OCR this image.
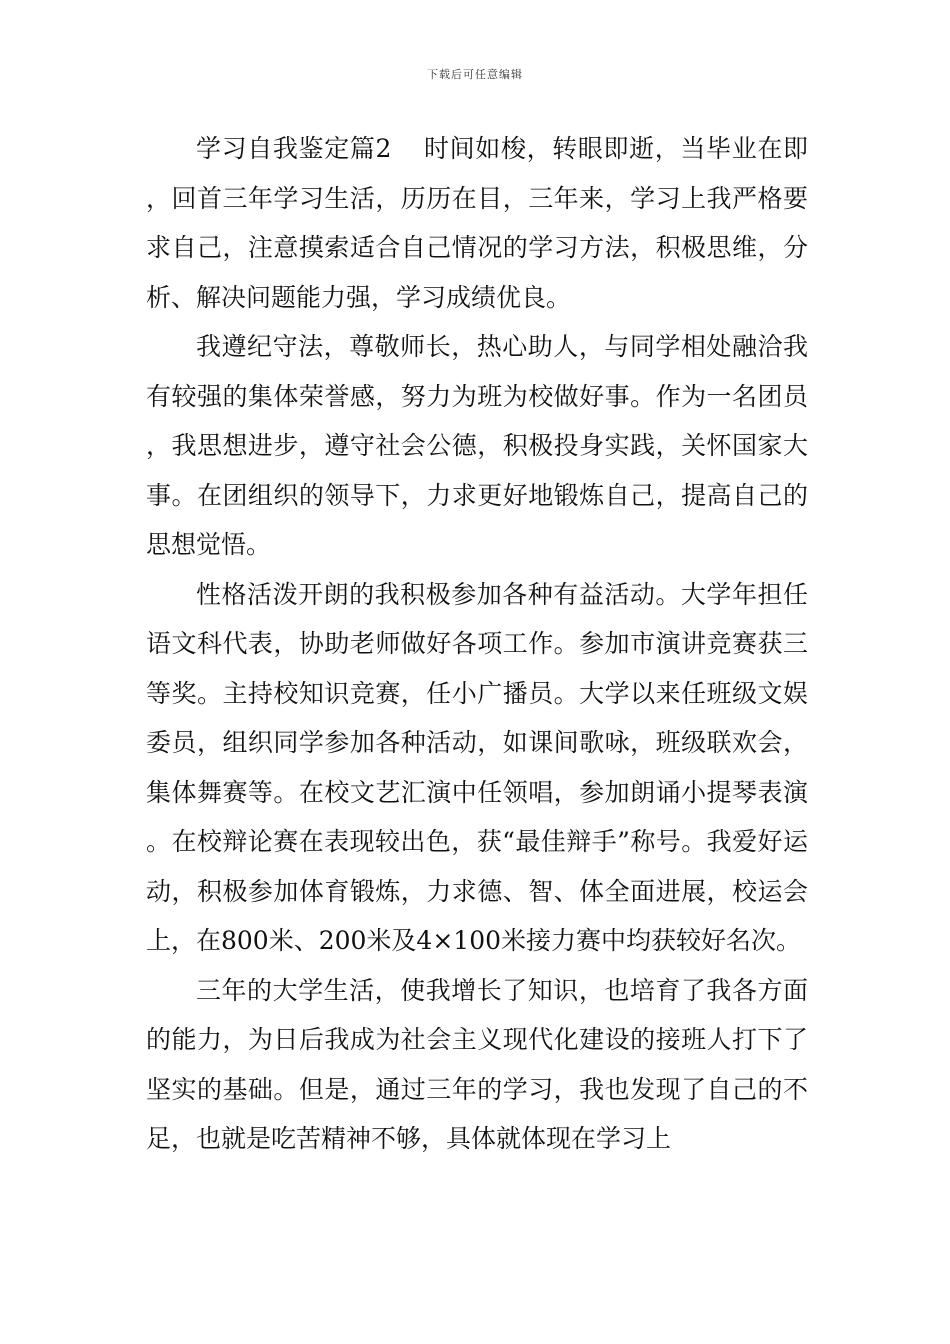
下载后可任意编辑

学习自我鉴定篇2 时间如梭，转眼即逝，当毕业在即，回首三年学习生活，历历在目，三年来，学习上我严格要求自己，注意摸索适合自己情况的学习方法，积极思维，分析、解决问题能力强，学习成绩优良。

我遵纪守法，尊敬师长，热心助人，与同学相处融洽我有较强的集体荣誉感，努力为班为校做好事。作为一名团员，我思想进步，遵守社会公德，积极投身实践，关怀国家大事。在团组织的领导下，力求更好地锻炼自己，提高自己的思想觉悟。

性格活泼开朗的我积极参加各种有益活动。大学年担任语文科代表，协助老师做好各项工作。参加市演讲竞赛获三等奖。主持校知识竞赛，任小广播员。大学以来任班级文娱委员，组织同学参加各种活动，如课间歌咏，班级联欢会，集体舞赛等。在校文艺汇演中任领唱，参加朗诵小提琴表演。在校辩论赛在表现较出色，获“最佳辩手”称号。我爱好运动，积极参加体育锻炼，力求德、智、体全面进展，校运会上，在800米、200米及4×100米接力赛中均获较好名次。

三年的大学生活，使我增长了知识，也培育了我各方面的能力，为日后我成为社会主义现代化建设的接班人打下了坚实的基础。但是，通过三年的学习，我也发现了自己的不足，也就是吃苦精神不够，具体就体现在学习上
